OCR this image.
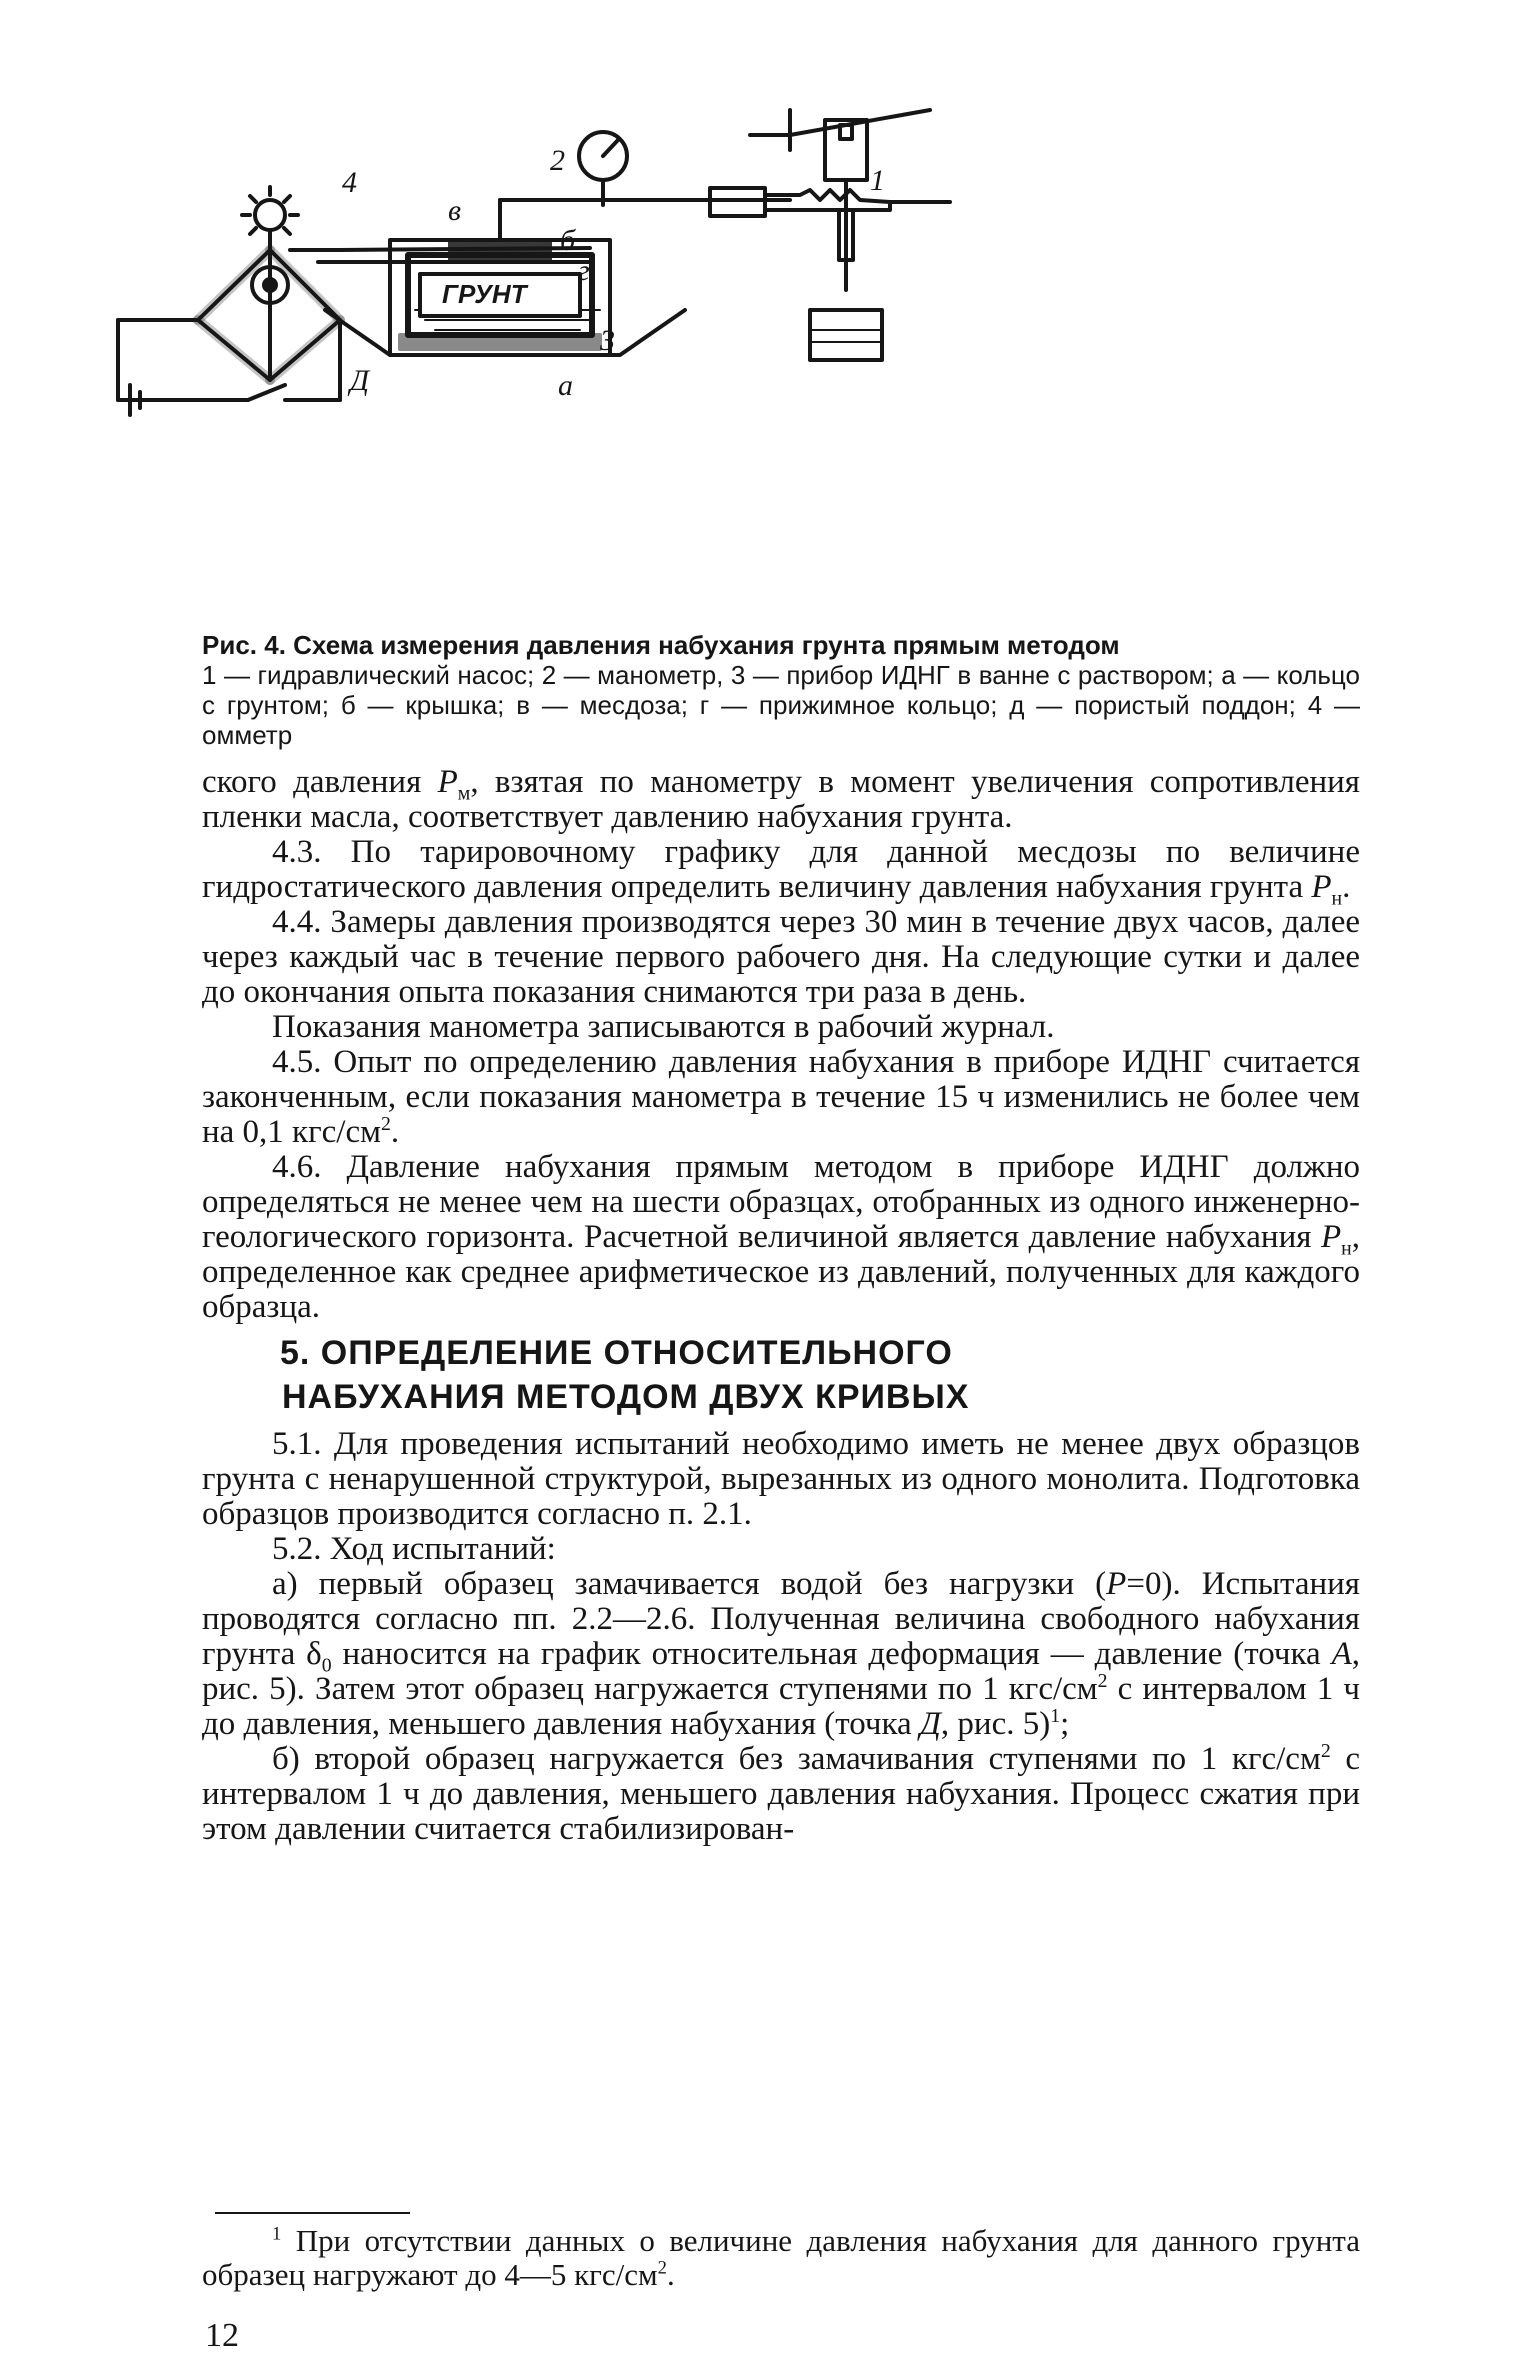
4
2
1
в
б
г
3
Д	а
ГРУНТ
Рис. 4. Схема измерения давления набухания грунта прямым методом
1 — гидравлический насос; 2 — манометр, 3 — прибор ИДНГ в ванне с раствором; а — кольцо с грунтом; б — крышка; в — месдоза; г — прижимное кольцо; д — пористый поддон; 4 — омметр

ского давления $P_м$, взятая по манометру в момент увеличения сопротивления пленки масла, соответствует давлению набухания грунта.

4.3. По тарировочному графику для данной месдозы по величине гидростатического давления определить величину давления набухания грунта $P_н$.

4.4. Замеры давления производятся через 30 мин в течение двух часов, далее через каждый час в течение первого рабочего дня. На следующие сутки и далее до окончания опыта показания снимаются три раза в день.

Показания манометра записываются в рабочий журнал.

4.5. Опыт по определению давления набухания в приборе ИДНГ считается законченным, если показания манометра в течение 15 ч изменились не более чем на 0,1 кгс/$см^2$.

4.6. Давление набухания прямым методом в приборе ИДНГ должно определяться не менее чем на шести образцах, отобранных из одного инженерно-геологического горизонта. Расчетной величиной является давление набухания $P_н$, определенное как среднее арифметическое из давлений, полученных для каждого образца.

5. ОПРЕДЕЛЕНИЕ ОТНОСИТЕЛЬНОГО
НАБУХАНИЯ МЕТОДОМ ДВУХ КРИВЫХ

5.1. Для проведения испытаний необходимо иметь не менее двух образцов грунта с ненарушенной структурой, вырезанных из одного монолита. Подготовка образцов производится согласно п. 2.1.

5.2. Ход испытаний:

а) первый образец замачивается водой без нагрузки (P=0). Испытания проводятся согласно пп. 2.2—2.6. Полученная величина свободного набухания грунта $\delta_0$ наносится на график относительная деформация — давление (точка А, рис. 5). Затем этот образец нагружается ступенями по 1 кгс/$см^2$ с интервалом 1 ч до давления, меньшего давления набухания (точка Д, рис. 5)$^1$;

б) второй образец нагружается без замачивания ступенями по 1 кгс/$см^2$ с интервалом 1 ч до давления, меньшего давления набухания. Процесс сжатия при этом давлении считается стабилизирован-

$^1$ При отсутствии данных о величине давления набухания для данного грунта образец нагружают до 4—5 кгс/$см^2$.
12
